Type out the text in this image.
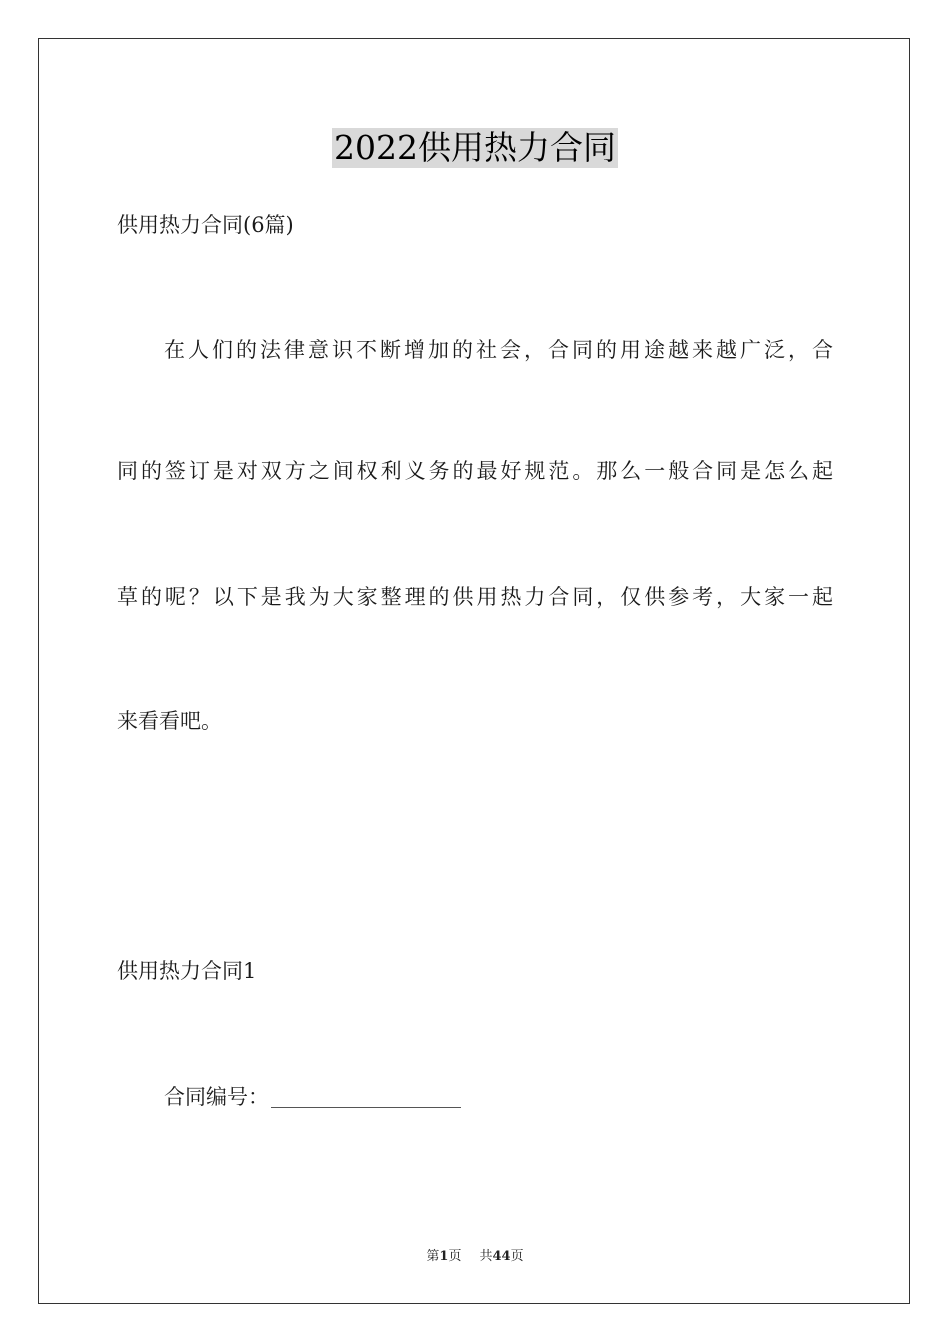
2022供用热力合同
供用热力合同(6篇)
在人们的法律意识不断增加的社会，合同的用途越来越广泛，合
同的签订是对双方之间权利义务的最好规范。那么一般合同是怎么起
草的呢？以下是我为大家整理的供用热力合同，仅供参考，大家一起
来看看吧。
供用热力合同1
合同编号：
第1页 共44页
